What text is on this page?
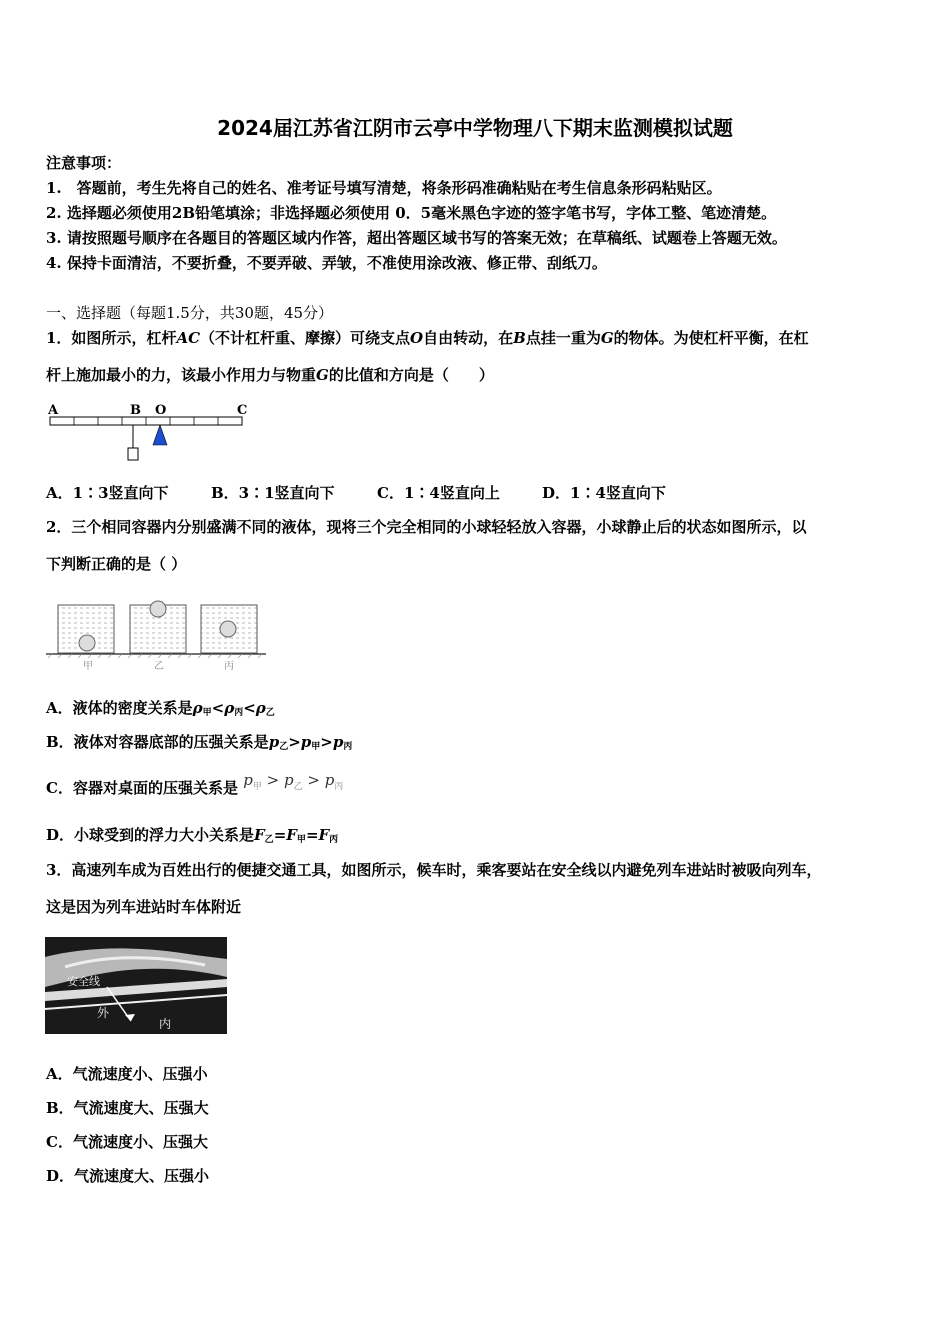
2024届江苏省江阴市云亭中学物理八下期末监测模拟试题
注意事项：
1.　答题前，考生先将自己的姓名、准考证号填写清楚，将条形码准确粘贴在考生信息条形码粘贴区。
2. 选择题必须使用2B铅笔填涂；非选择题必须使用 0．5毫米黑色字迹的签字笔书写，字体工整、笔迹清楚。
3. 请按照题号顺序在各题目的答题区域内作答，超出答题区域书写的答案无效；在草稿纸、试题卷上答题无效。
4. 保持卡面清洁，不要折叠，不要弄破、弄皱，不准使用涂改液、修正带、刮纸刀。
一、选择题（每题1.5分，共30题，45分）
1．如图所示，杠杆AC（不计杠杆重、摩擦）可绕支点O自由转动，在B点挂一重为G的物体。为使杠杆平衡，在杠
杆上施加最小的力，该最小作用力与物重G的比值和方向是（　　）
A	B O	C
A．1∶3竖直向下	B．3∶1竖直向下	C．1∶4竖直向上	D．1∶4竖直向下
2．三个相同容器内分别盛满不同的液体，现将三个完全相同的小球轻轻放入容器，小球静止后的状态如图所示，以
下判断正确的是（ ）
甲	乙	丙
A．液体的密度关系是$\rho_甲<\rho_丙<\rho_乙$
B．液体对容器底部的压强关系是$p_乙>p_甲>p_丙$
C．容器对桌面的压强关系是 $p_甲 > p_乙 > p_丙$
D．小球受到的浮力大小关系是$F_乙=F_甲=F_丙$
3．高速列车成为百姓出行的便捷交通工具，如图所示，候车时，乘客要站在安全线以内避免列车进站时被吸向列车，
这是因为列车进站时车体附近
安全线
外
内
A．气流速度小、压强小
B．气流速度大、压强大
C．气流速度小、压强大
D．气流速度大、压强小
